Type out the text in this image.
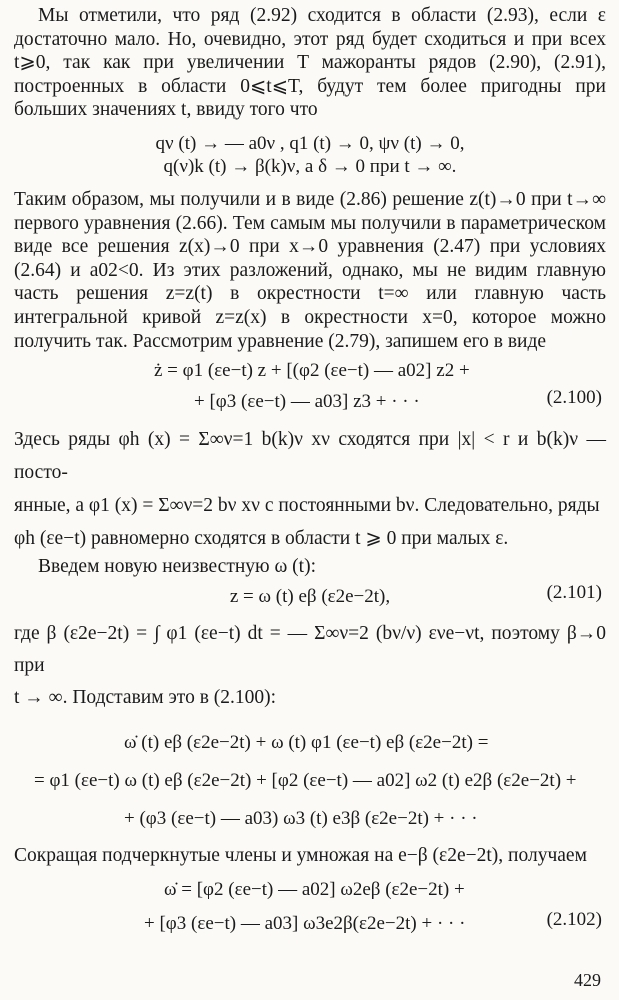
Мы отметили, что ряд (2.92) сходится в области (2.93), если ε достаточно мало. Но, очевидно, этот ряд будет сходиться и при всех t⩾0, так как при увеличении T мажоранты рядов (2.90), (2.91), построенных в области 0⩽t⩽T, будут тем более пригодны при больших значениях t, ввиду того что

qν (t) → — a0ν , q1 (t) → 0, ψν (t) → 0,
q(ν)k (t) → β(k)ν, а δ → 0 при t → ∞.

Таким образом, мы получили и в виде (2.86) решение z(t)→0 при t→∞ первого уравнения (2.66). Тем самым мы получили в параметрическом виде все решения z(x)→0 при x→0 уравнения (2.47) при условиях (2.64) и a02<0. Из этих разложений, однако, мы не видим главную часть решения z=z(t) в окрестности t=∞ или главную часть интегральной кривой z=z(x) в окрестности x=0, которое можно получить так. Рассмотрим уравнение (2.79), запишем его в виде

ż = φ1 (εe−t) z + [(φ2 (εe−t) — a02] z2 +
+ [φ3 (εe−t) — a03] z3 + · · ·	(2.100)

Здесь ряды φh (x) = Σ∞ν=1 b(k)ν xν сходятся при |x| < r и b(k)ν — посто-
янные, а φ1 (x) = Σ∞ν=2 bν xν с постоянными bν. Следовательно, ряды
φh (εe−t) равномерно сходятся в области t ⩾ 0 при малых ε.

Введем новую неизвестную ω (t):

z = ω (t) eβ (ε2e−2t),	(2.101)

где β (ε2e−2t) = ∫ φ1 (εe−t) dt = — Σ∞ν=2 (bν/ν) ενe−νt, поэтому β→0 при
t → ∞. Подставим это в (2.100):

ω̇ (t) eβ (ε2e−2t) + ω (t) φ1 (εe−t) eβ (ε2e−2t) =
= φ1 (εe−t) ω (t) eβ (ε2e−2t) + [φ2 (εe−t) — a02] ω2 (t) e2β (ε2e−2t) +
+ (φ3 (εe−t) — a03) ω3 (t) e3β (ε2e−2t) + · · ·

Сокращая подчеркнутые члены и умножая на e−β (ε2e−2t), получаем

ω̇ = [φ2 (εe−t) — a02] ω2eβ (ε2e−2t) +
+ [φ3 (εe−t) — a03] ω3e2β(ε2e−2t) + · · ·	(2.102)
429
